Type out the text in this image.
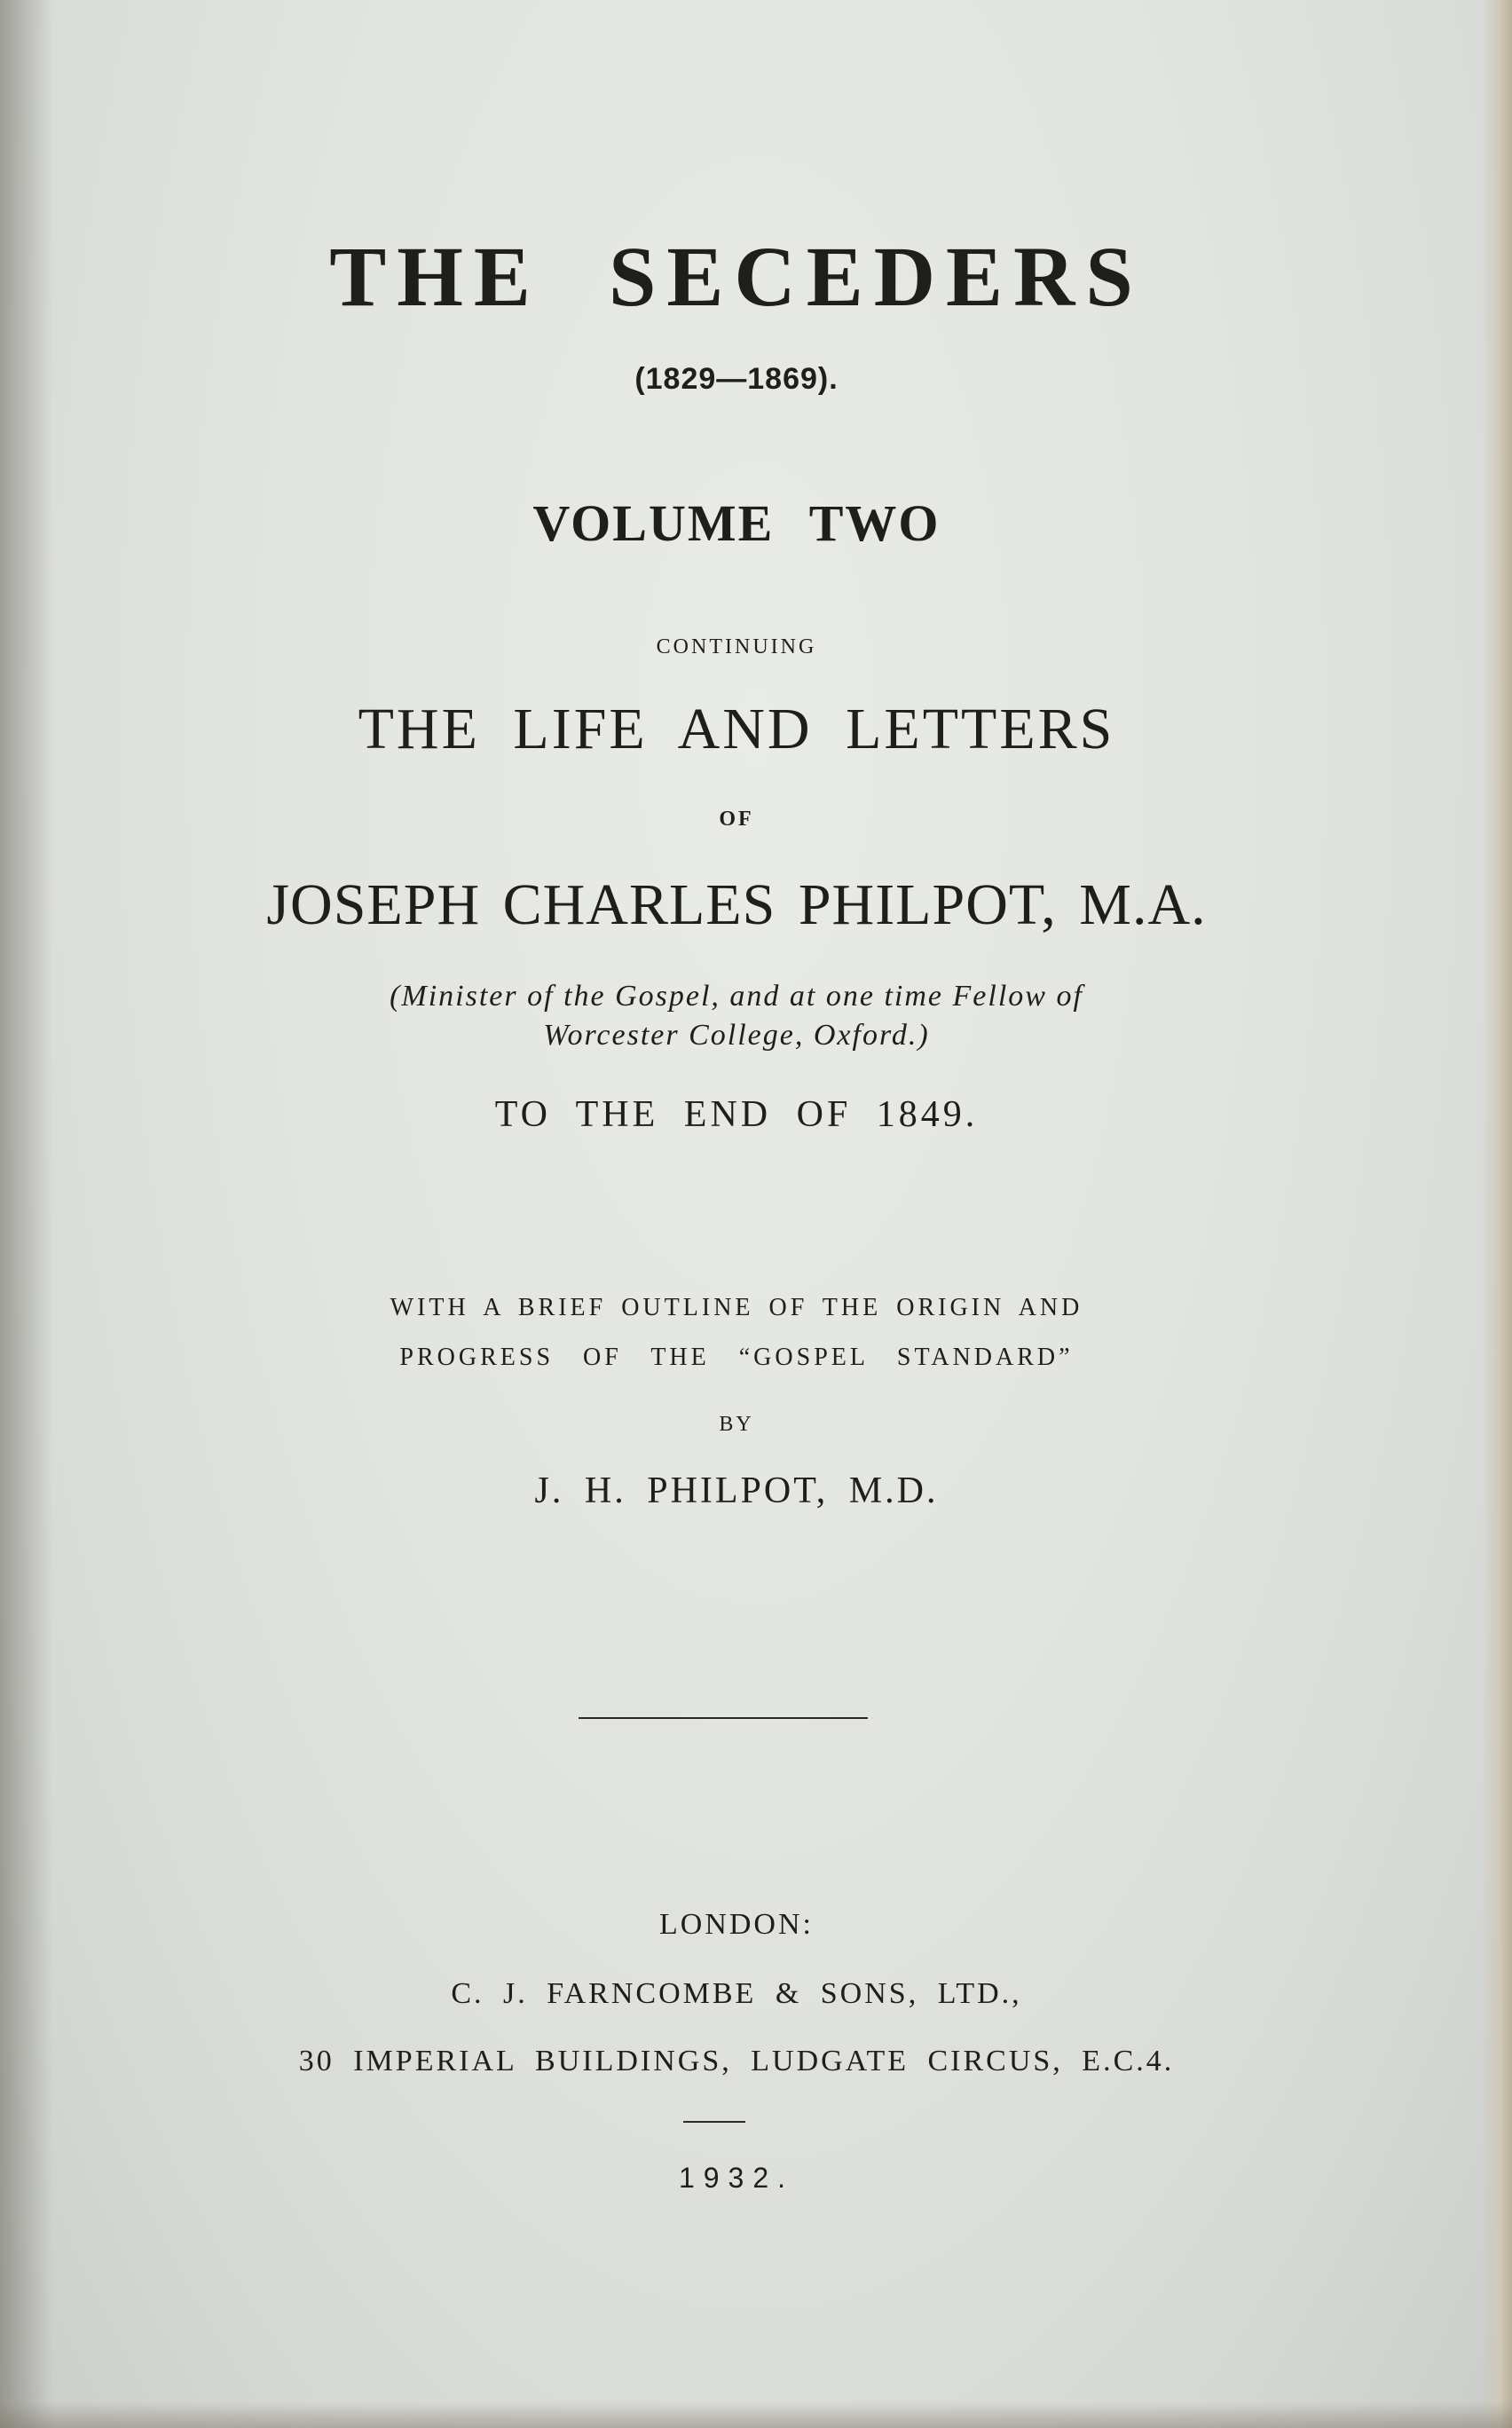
THE SECEDERS
(1829—1869).
VOLUME TWO
CONTINUING
THE LIFE AND LETTERS
OF
JOSEPH CHARLES PHILPOT, M.A.
(Minister of the Gospel, and at one time Fellow of
Worcester College, Oxford.)
TO THE END OF 1849.
WITH A BRIEF OUTLINE OF THE ORIGIN AND
PROGRESS OF THE “GOSPEL STANDARD”
BY
J. H. PHILPOT, M.D.
LONDON:
C. J. FARNCOMBE & SONS, LTD.,
30 IMPERIAL BUILDINGS, LUDGATE CIRCUS, E.C.4.
1932.
